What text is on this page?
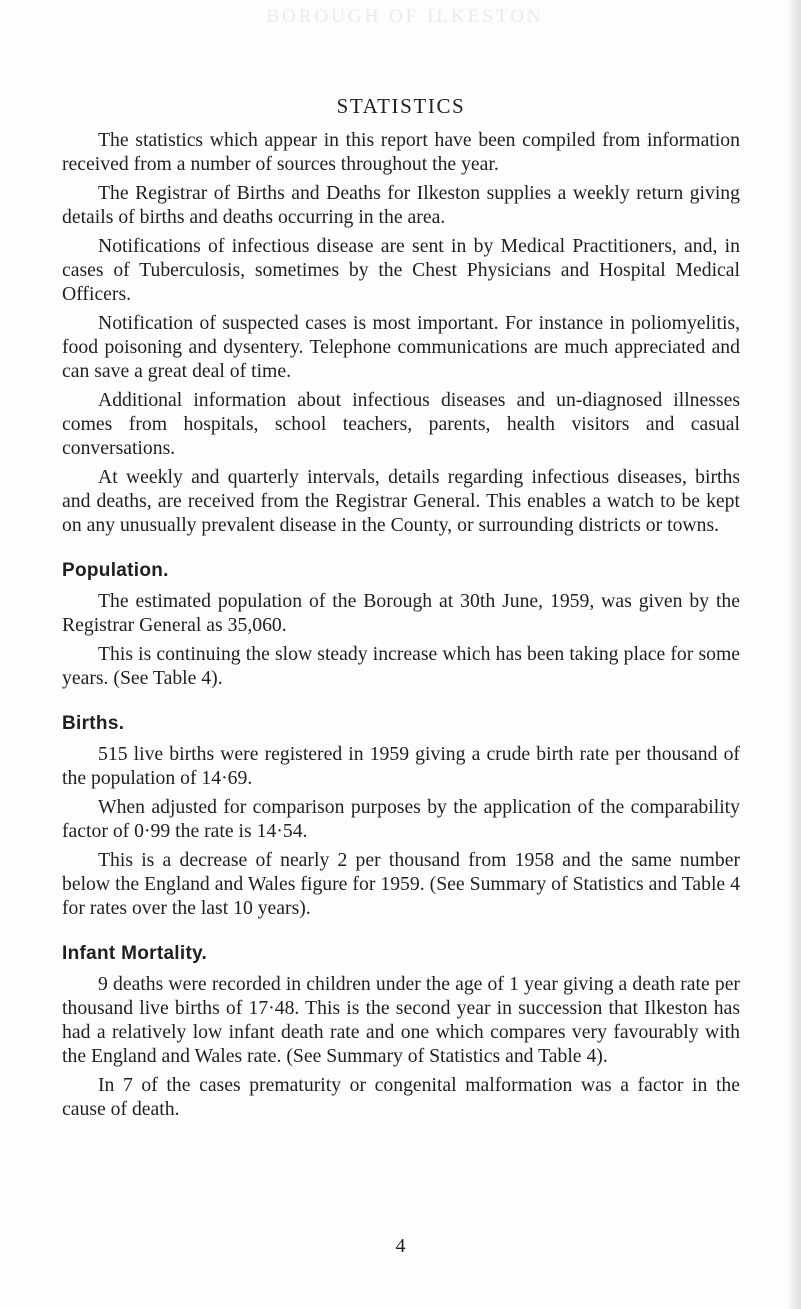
BOROUGH OF ILKESTON
STATISTICS

The statistics which appear in this report have been compiled from information received from a number of sources throughout the year.

The Registrar of Births and Deaths for Ilkeston supplies a weekly return giving details of births and deaths occurring in the area.

Notifications of infectious disease are sent in by Medical Practitioners, and, in cases of Tuberculosis, sometimes by the Chest Physicians and Hospital Medical Officers.

Notification of suspected cases is most important. For instance in poliomyelitis, food poisoning and dysentery. Telephone communications are much appreciated and can save a great deal of time.

Additional information about infectious diseases and un-diagnosed illnesses comes from hospitals, school teachers, parents, health visitors and casual conversations.

At weekly and quarterly intervals, details regarding infectious diseases, births and deaths, are received from the Registrar General. This enables a watch to be kept on any unusually prevalent disease in the County, or surrounding districts or towns.

Population.

The estimated population of the Borough at 30th June, 1959, was given by the Registrar General as 35,060.

This is continuing the slow steady increase which has been taking place for some years. (See Table 4).

Births.

515 live births were registered in 1959 giving a crude birth rate per thousand of the population of 14·69.

When adjusted for comparison purposes by the application of the comparability factor of 0·99 the rate is 14·54.

This is a decrease of nearly 2 per thousand from 1958 and the same number below the England and Wales figure for 1959. (See Summary of Statistics and Table 4 for rates over the last 10 years).

Infant Mortality.

9 deaths were recorded in children under the age of 1 year giving a death rate per thousand live births of 17·48. This is the second year in succession that Ilkeston has had a relatively low infant death rate and one which compares very favourably with the England and Wales rate. (See Summary of Statistics and Table 4).

In 7 of the cases prematurity or congenital malformation was a factor in the cause of death.

4
